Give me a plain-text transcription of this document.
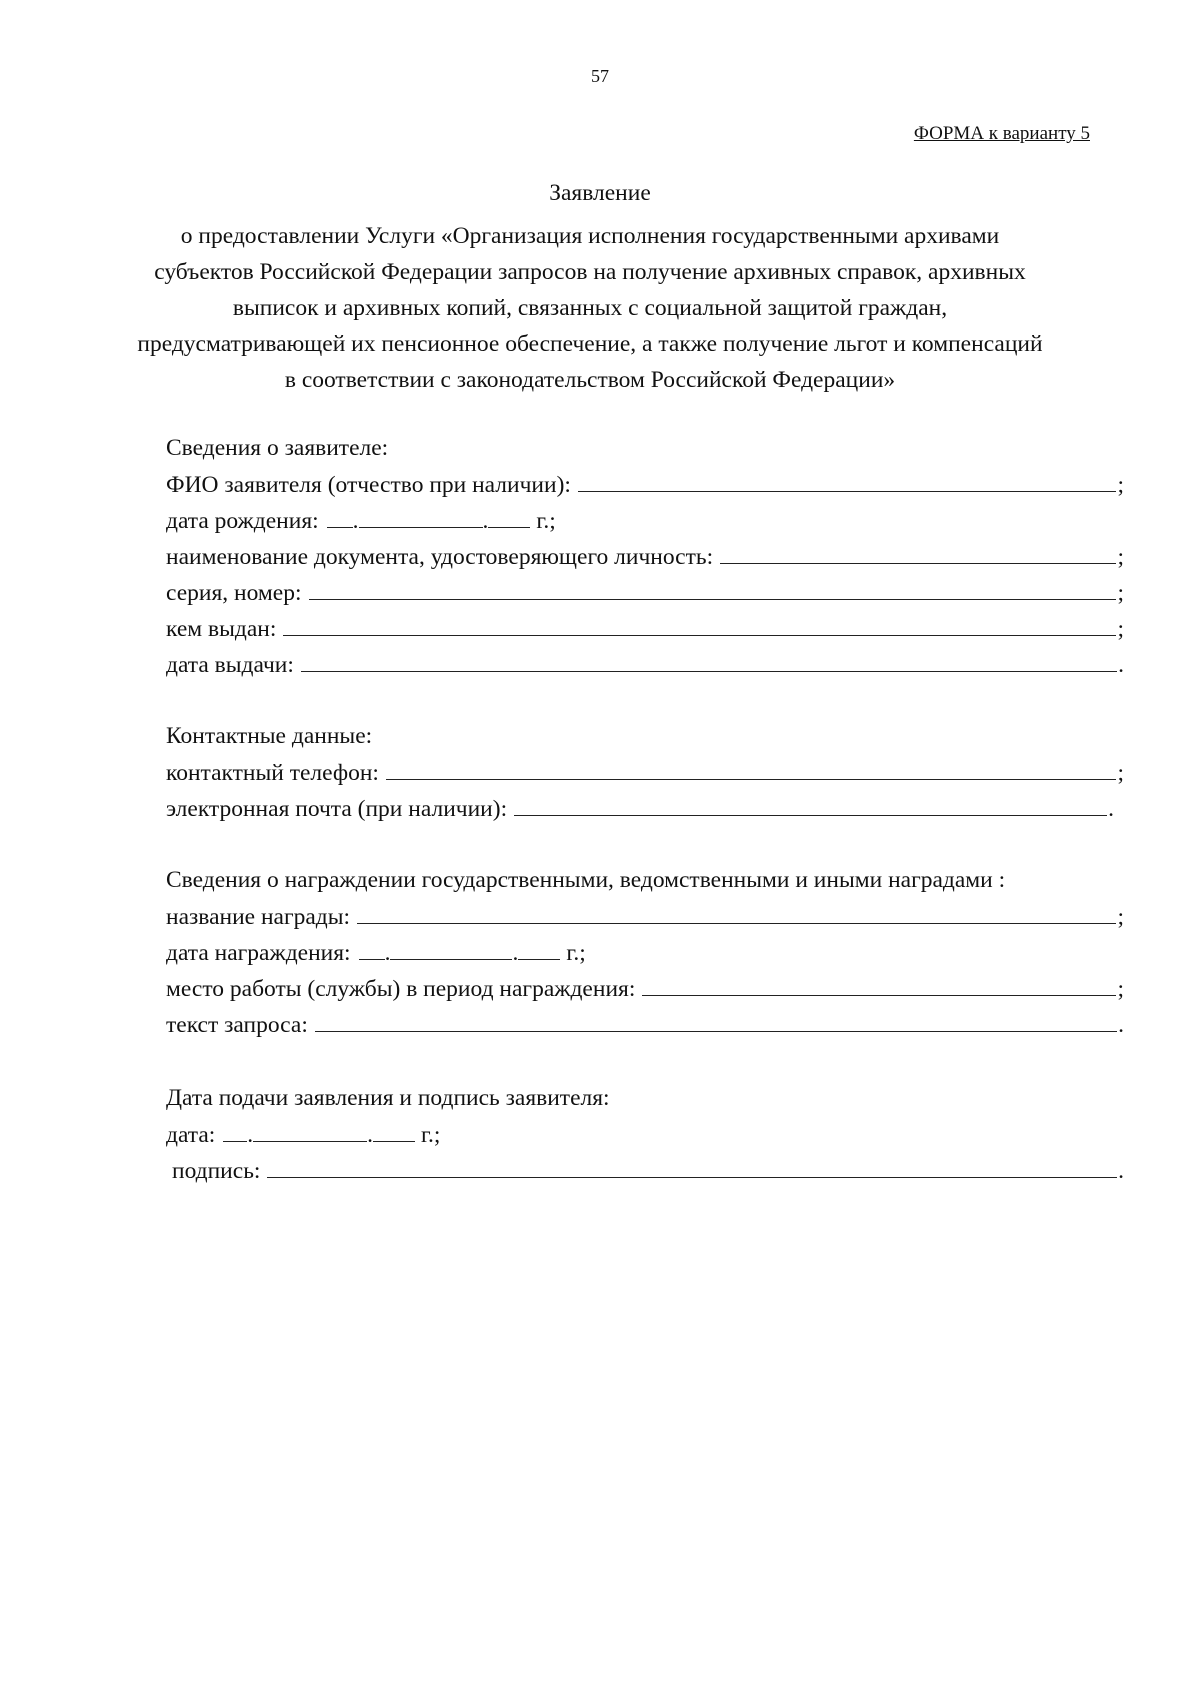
57
ФОРМА к варианту 5
Заявление
о предоставлении Услуги «Организация исполнения государственными архивами
субъектов Российской Федерации запросов на получение архивных справок, архивных
выписок и архивных копий, связанных с социальной защитой граждан,
предусматривающей их пенсионное обеспечение, а также получение льгот и компенсаций
в соответствии с законодательством Российской Федерации»
Сведения о заявителе:
ФИО заявителя (отчество при наличии):	;
дата рождения: .	. г.;
наименование документа, удостоверяющего личность:	;
серия, номер:	;
кем выдан:	;
дата выдачи:	.
Контактные данные:
контактный телефон:	;
электронная почта (при наличии):	.
Сведения о награждении государственными, ведомственными и иными наградами :
название награды:	;
дата награждения: .	. г.;
место работы (службы) в период награждения:	;
текст запроса:	.
Дата подачи заявления и подпись заявителя:
дата: .	. г.;
подпись:	.
